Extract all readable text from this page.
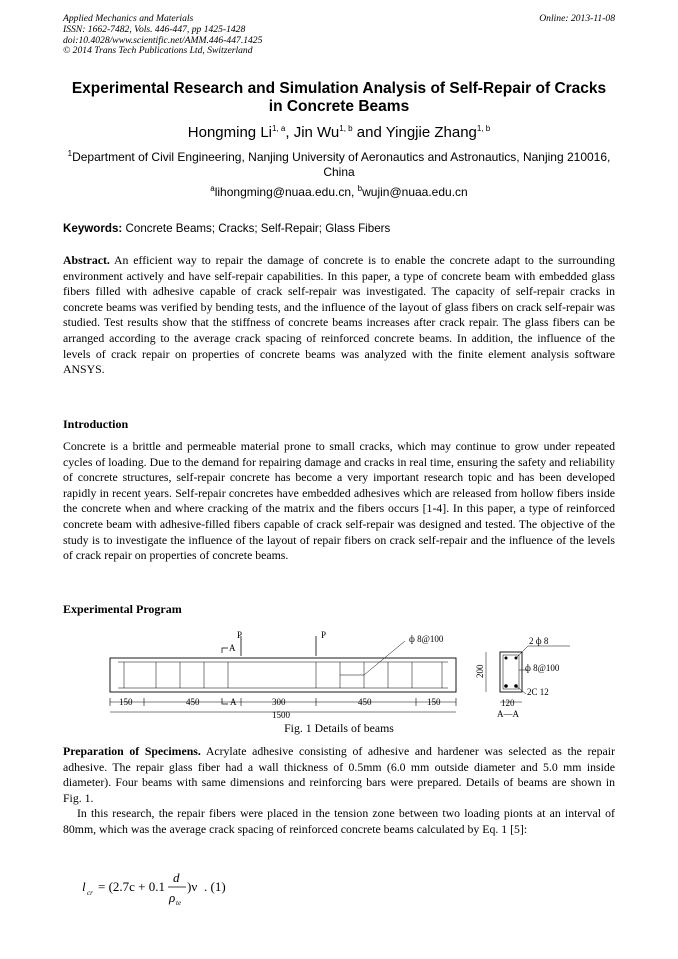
Applied Mechanics and Materials
ISSN: 1662-7482, Vols. 446-447, pp 1425-1428
doi:10.4028/www.scientific.net/AMM.446-447.1425
© 2014 Trans Tech Publications Ltd, Switzerland
Online: 2013-11-08
Experimental Research and Simulation Analysis of Self-Repair of Cracks in Concrete Beams
Hongming Li$^{1, a}$, Jin Wu$^{1, b}$ and Yingjie Zhang$^{1, b}$
$^1$Department of Civil Engineering, Nanjing University of Aeronautics and Astronautics, Nanjing 210016, China
$^a$lihongming@nuaa.edu.cn, $^b$wujin@nuaa.edu.cn
Keywords: Concrete Beams; Cracks; Self-Repair; Glass Fibers
Abstract. An efficient way to repair the damage of concrete is to enable the concrete adapt to the surrounding environment actively and have self-repair capabilities. In this paper, a type of concrete beam with embedded glass fibers filled with adhesive capable of crack self-repair was investigated. The capacity of self-repair cracks in concrete beams was verified by bending tests, and the influence of the layout of glass fibers on crack self-repair was studied. Test results show that the stiffness of concrete beams increases after crack repair. The glass fibers can be arranged according to the average crack spacing of reinforced concrete beams. In addition, the influence of the levels of crack repair on properties of concrete beams was analyzed with the finite element analysis software ANSYS.
Introduction
Concrete is a brittle and permeable material prone to small cracks, which may continue to grow under repeated cycles of loading. Due to the demand for repairing damage and cracks in real time, ensuring the safety and reliability of concrete structures, self-repair concrete has become a very important research topic and has been developed rapidly in recent years. Self-repair concretes have embedded adhesives which are released from hollow fibers inside the concrete when and where cracking of the matrix and the fibers occurs [1-4]. In this paper, a type of reinforced concrete beam with adhesive-filled fibers capable of crack self-repair was designed and tested. The objective of the study is to investigate the influence of the layout of repair fibers on crack self-repair and the influence of the levels of crack repair on properties of concrete beams.
Experimental Program
P	P
A
ф 8@100
150	450	A	300	450	150
1500
2 ф 8
ф 8@100
2C 12
200
120
A—A
Fig. 1 Details of beams
Preparation of Specimens. Acrylate adhesive consisting of adhesive and hardener was selected as the repair adhesive. The repair glass fiber had a wall thickness of 0.5mm (6.0 mm outside diameter and 5.0 mm inside diameter). Four beams with same dimensions and reinforcing bars were prepared. Details of beams are shown in Fig. 1.
In this research, the repair fibers were placed in the tension zone between two loading pionts at an interval of 80mm, which was the average crack spacing of reinforced concrete beams calculated by Eq. 1 [5]:
l cr = (2.7c + 0.1
d
ρ te
)ν . (1)
